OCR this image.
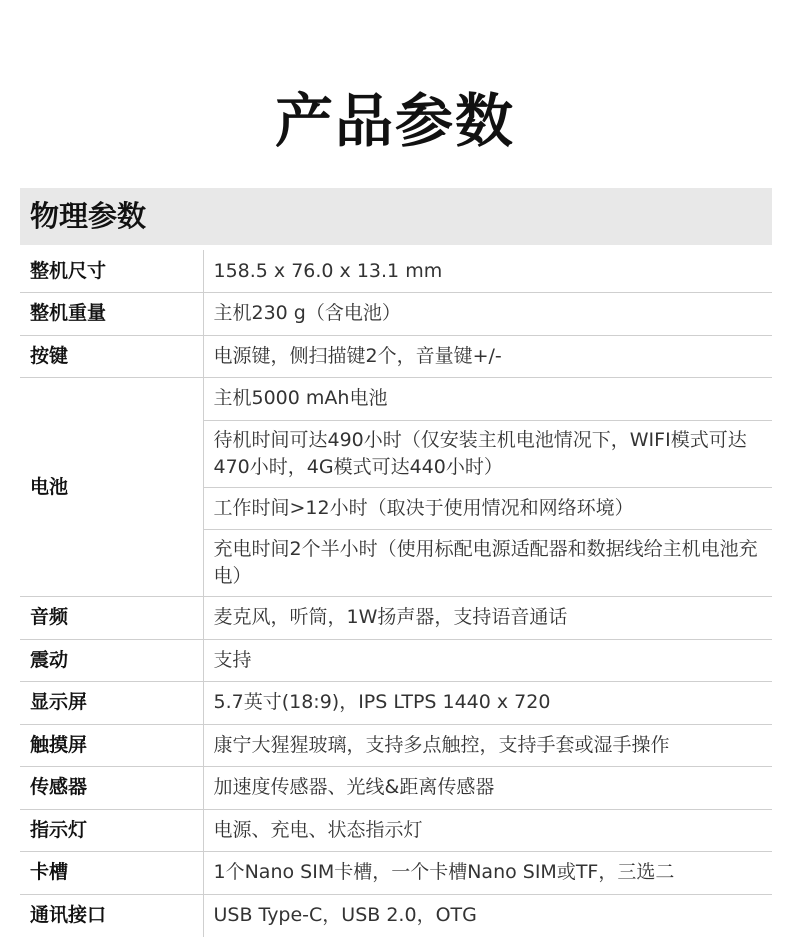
产品参数
物理参数
整机尺寸	158.5 x 76.0 x 13.1 mm
整机重量	主机230 g（含电池）
按键	电源键，侧扫描键2个，音量键+/-
电池	主机5000 mAh电池
	待机时间可达490小时（仅安装主机电池情况下，WIFI模式可达470小时，4G模式可达440小时）
	工作时间>12小时（取决于使用情况和网络环境）
	充电时间2个半小时（使用标配电源适配器和数据线给主机电池充电）
音频	麦克风，听筒，1W扬声器，支持语音通话
震动	支持
显示屏	5.7英寸(18:9)，IPS LTPS 1440 x 720
触摸屏	康宁大猩猩玻璃，支持多点触控，支持手套或湿手操作
传感器	加速度传感器、光线&距离传感器
指示灯	电源、充电、状态指示灯
卡槽	1个Nano SIM卡槽，一个卡槽Nano SIM或TF，三选二
通讯接口	USB Type-C，USB 2.0，OTG
